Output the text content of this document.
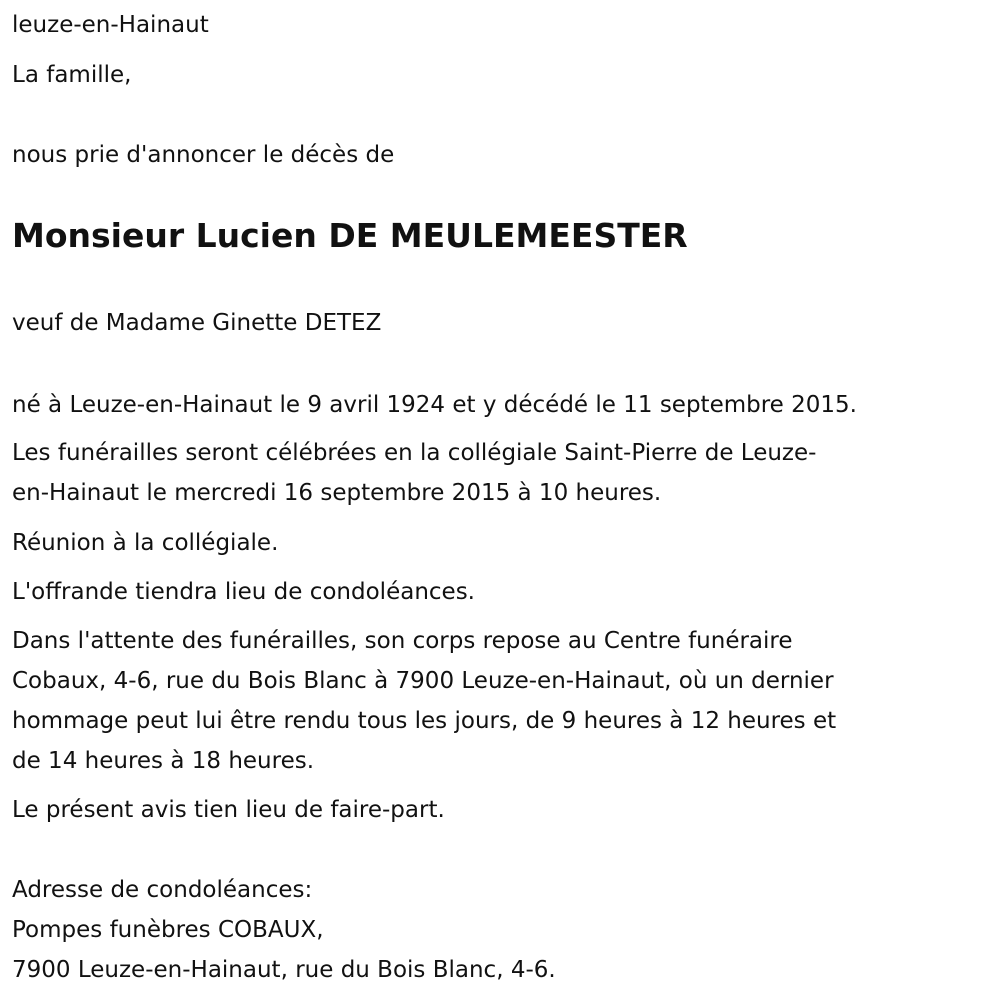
leuze-en-Hainaut
La famille,
nous prie d'annoncer le décès de
Monsieur Lucien DE MEULEMEESTER
veuf de Madame Ginette DETEZ
né à Leuze-en-Hainaut le 9 avril 1924 et y décédé le 11 septembre 2015.
Les funérailles seront célébrées en la collégiale Saint-Pierre de Leuze-
en-Hainaut le mercredi 16 septembre 2015 à 10 heures.
Réunion à la collégiale.
L'offrande tiendra lieu de condoléances.
Dans l'attente des funérailles, son corps repose au Centre funéraire
Cobaux, 4-6, rue du Bois Blanc à 7900 Leuze-en-Hainaut, où un dernier
hommage peut lui être rendu tous les jours, de 9 heures à 12 heures et
de 14 heures à 18 heures.
Le présent avis tien lieu de faire-part.
Adresse de condoléances:
Pompes funèbres COBAUX,
7900 Leuze-en-Hainaut, rue du Bois Blanc, 4-6.
